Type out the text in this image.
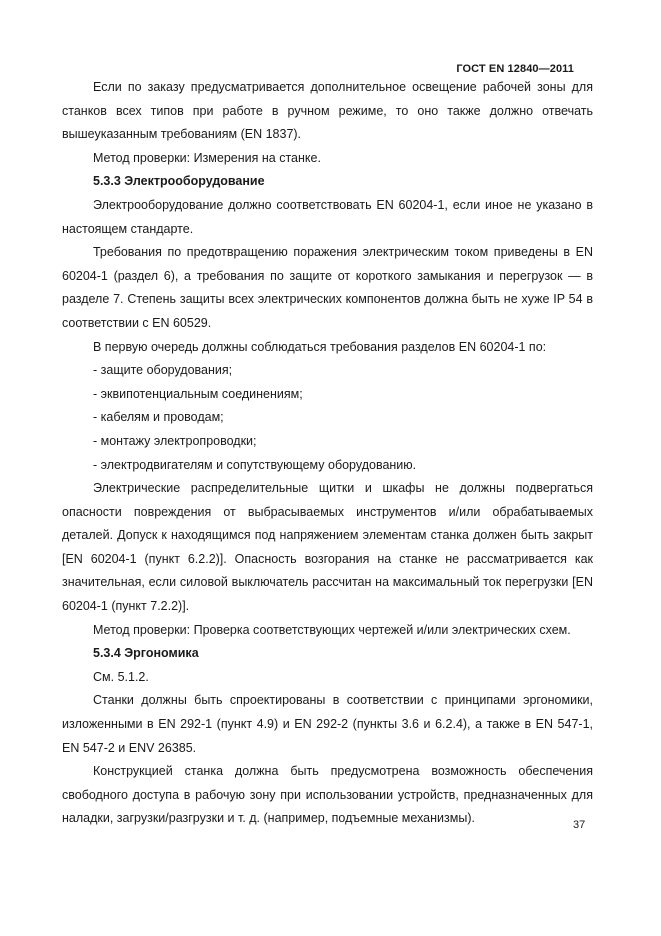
ГОСТ EN 12840—2011

Если по заказу предусматривается дополнительное освещение рабочей зоны для станков всех типов при работе в ручном режиме, то оно также должно отвечать вышеуказанным требованиям (EN 1837).

Метод проверки: Измерения на станке.

5.3.3 Электрооборудование

Электрооборудование должно соответствовать EN 60204-1, если иное не указано в настоящем стандарте.

Требования по предотвращению поражения электрическим током приведены в EN 60204-1 (раздел 6), а требования по защите от короткого замыкания и перегрузок — в разделе 7. Степень защиты всех электрических компонентов должна быть не хуже IP 54 в соответствии с EN 60529.

В первую очередь должны соблюдаться требования разделов EN 60204-1 по:

- защите оборудования;

- эквипотенциальным соединениям;

- кабелям и проводам;

- монтажу электропроводки;

- электродвигателям и сопутствующему оборудованию.

Электрические распределительные щитки и шкафы не должны подвергаться опасности повреждения от выбрасываемых инструментов и/или обрабатываемых деталей. Допуск к находящимся под напряжением элементам станка должен быть закрыт [EN 60204-1 (пункт 6.2.2)]. Опасность возгорания на станке не рассматривается как значительная, если силовой выключатель рассчитан на максимальный ток перегрузки [EN 60204-1 (пункт 7.2.2)].

Метод проверки: Проверка соответствующих чертежей и/или электрических схем.

5.3.4 Эргономика

См. 5.1.2.

Станки должны быть спроектированы в соответствии с принципами эргономики, изложенными в EN 292-1 (пункт 4.9) и EN 292-2 (пункты 3.6 и 6.2.4), а также в EN 547-1, EN 547-2 и ENV 26385.

Конструкцией станка должна быть предусмотрена возможность обеспечения свободного доступа в рабочую зону при использовании устройств, предназначенных для наладки, загрузки/разгрузки и т. д. (например, подъемные механизмы).	37
